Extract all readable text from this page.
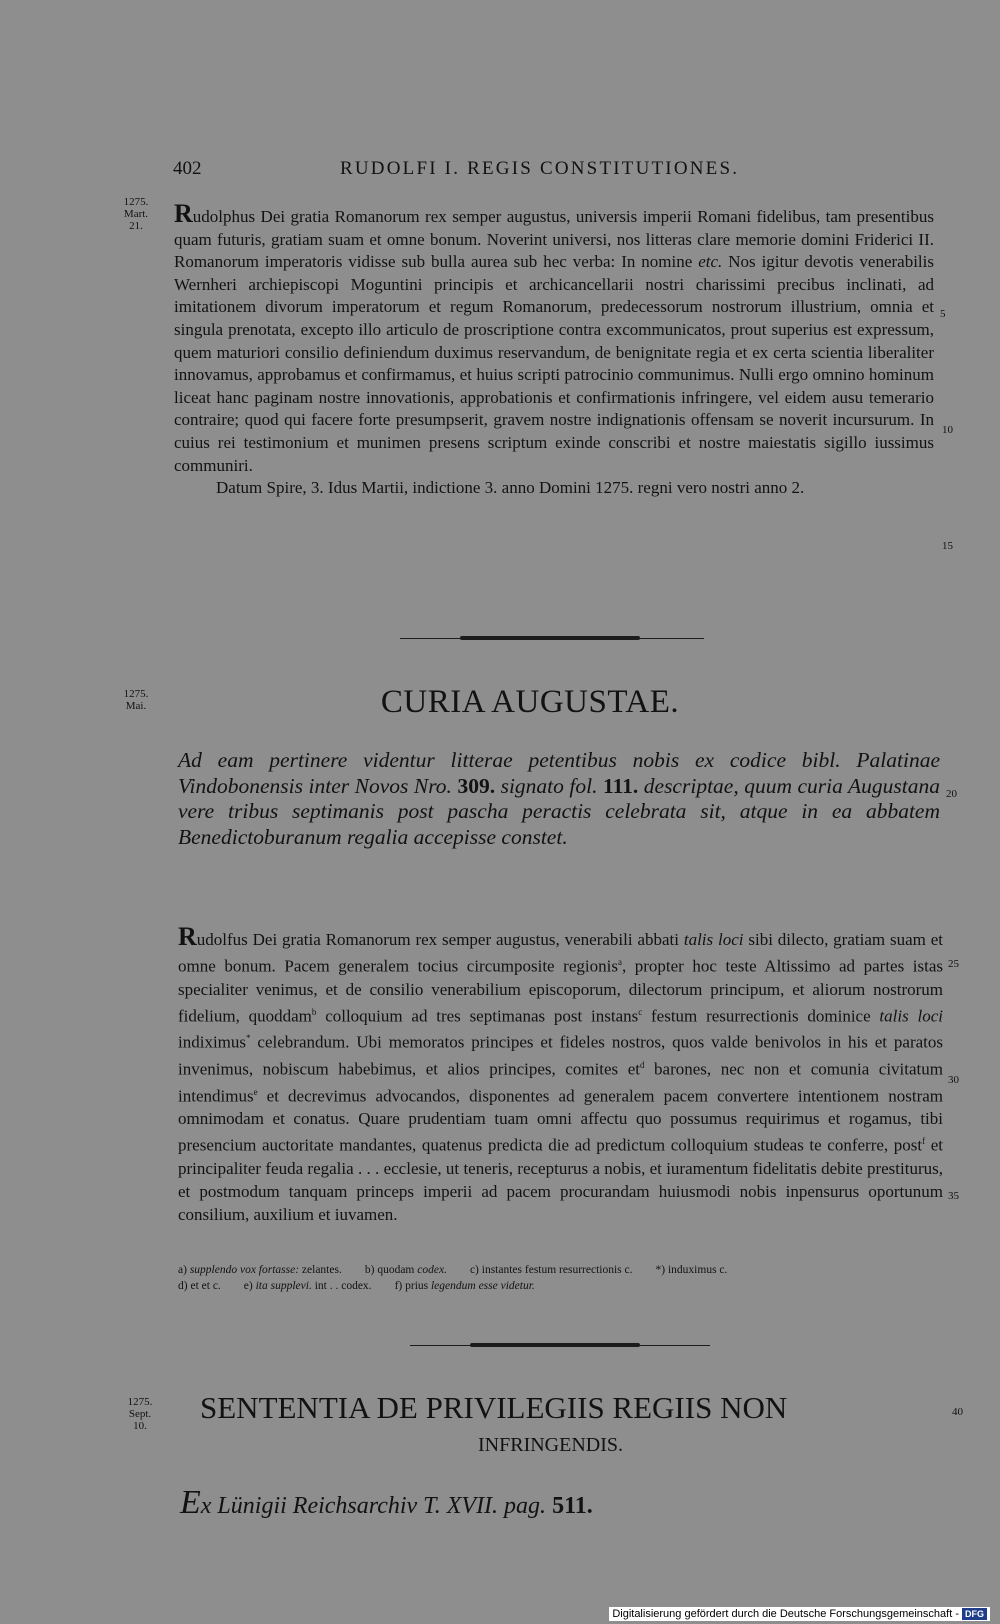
402	RUDOLFI I. REGIS CONSTITUTIONES.
1275.
Mart.
21.	Rudolphus Dei gratia Romanorum rex semper augustus, universis imperii Romani fidelibus, tam presentibus quam futuris, gratiam suam et omne bonum. Noverint universi, nos litteras clare memorie domini Friderici II. Romanorum imperatoris vidisse sub bulla aurea sub hec verba: In nomine etc. Nos igitur devotis venerabilis Wernheri archiepiscopi Moguntini principis et archicancellarii nostri charissimi precibus inclinati, ad imitationem divorum imperatorum et regum Romanorum, predecessorum nostrorum illustrium, omnia et singula prenotata, excepto illo articulo de proscriptione contra excommunicatos, prout superius est expressum, quem maturiori consilio definiendum duximus reservandum, de benignitate regia et ex certa scientia liberaliter innovamus, approbamus et confirmamus, et huius scripti patrocinio communimus. Nulli ergo omnino hominum liceat hanc paginam nostre innovationis, approbationis et confirmationis infringere, vel eidem ausu temerario contraire; quod qui facere forte presumpserit, gravem nostre indignationis offensam se noverit incursurum. In cuius rei testimonium et munimen presens scriptum exinde conscribi et nostre maiestatis sigillo iussimus communiri.

Datum Spire, 3. Idus Martii, indictione 3. anno Domini 1275. regni vero nostri anno 2.

5
10
15
1275.
Mai.	CURIA AUGUSTAE.
Ad eam pertinere videntur litterae petentibus nobis ex codice bibl. Palatinae Vindobonensis inter Novos Nro. 309. signato fol. 111. descriptae, quum curia Augustana vere tribus septimanis post pascha peractis celebrata sit, atque in ea abbatem Benedictoburanum regalia accepisse constet.
20
Rudolfus Dei gratia Romanorum rex semper augustus, venerabili abbati talis loci sibi dilecto, gratiam suam et omne bonum. Pacem generalem tocius circumposite regionis$^a$, propter hoc teste Altissimo ad partes istas specialiter venimus, et de consilio venerabilium episcoporum, dilectorum principum, et aliorum nostrorum fidelium, quoddam$^b$ colloquium ad tres septimanas post instans$^c$ festum resurrectionis dominice talis loci indiximus* celebrandum. Ubi memoratos principes et fideles nostros, quos valde benivolos in his et paratos invenimus, nobiscum habebimus, et alios principes, comites $et^d$ barones, nec non et comunia civitatum intendimus$^e$ et decrevimus advocandos, disponentes ad generalem pacem convertere intentionem nostram omnimodam et conatus. Quare prudentiam tuam omni affectu quo possumus requirimus et rogamus, tibi presencium auctoritate mandantes, quatenus predicta die ad predictum colloquium studeas te conferre, post$^f$ et principaliter feuda regalia . . . ecclesie, ut teneris, recepturus a nobis, et iuramentum fidelitatis debite prestiturus, et postmodum tanquam princeps imperii ad pacem procurandam huiusmodi nobis inpensurus oportunum consilium, auxilium et iuvamen.
25
30
35
a) supplendo vox fortasse: zelantes. b) quodam codex. c) instantes festum resurrectionis c. *) induximus c.
d) et et c. e) ita supplevi. int . . codex. f) prius legendum esse videtur.
1275.
Sept.
10.
SENTENTIA DE PRIVILEGIIS REGIIS NON	40
INFRINGENDIS.
Ex Lünigii Reichsarchiv T. XVII. pag. 511.
Digitalisierung gefördert durch die Deutsche Forschungsgemeinschaft - DFG
